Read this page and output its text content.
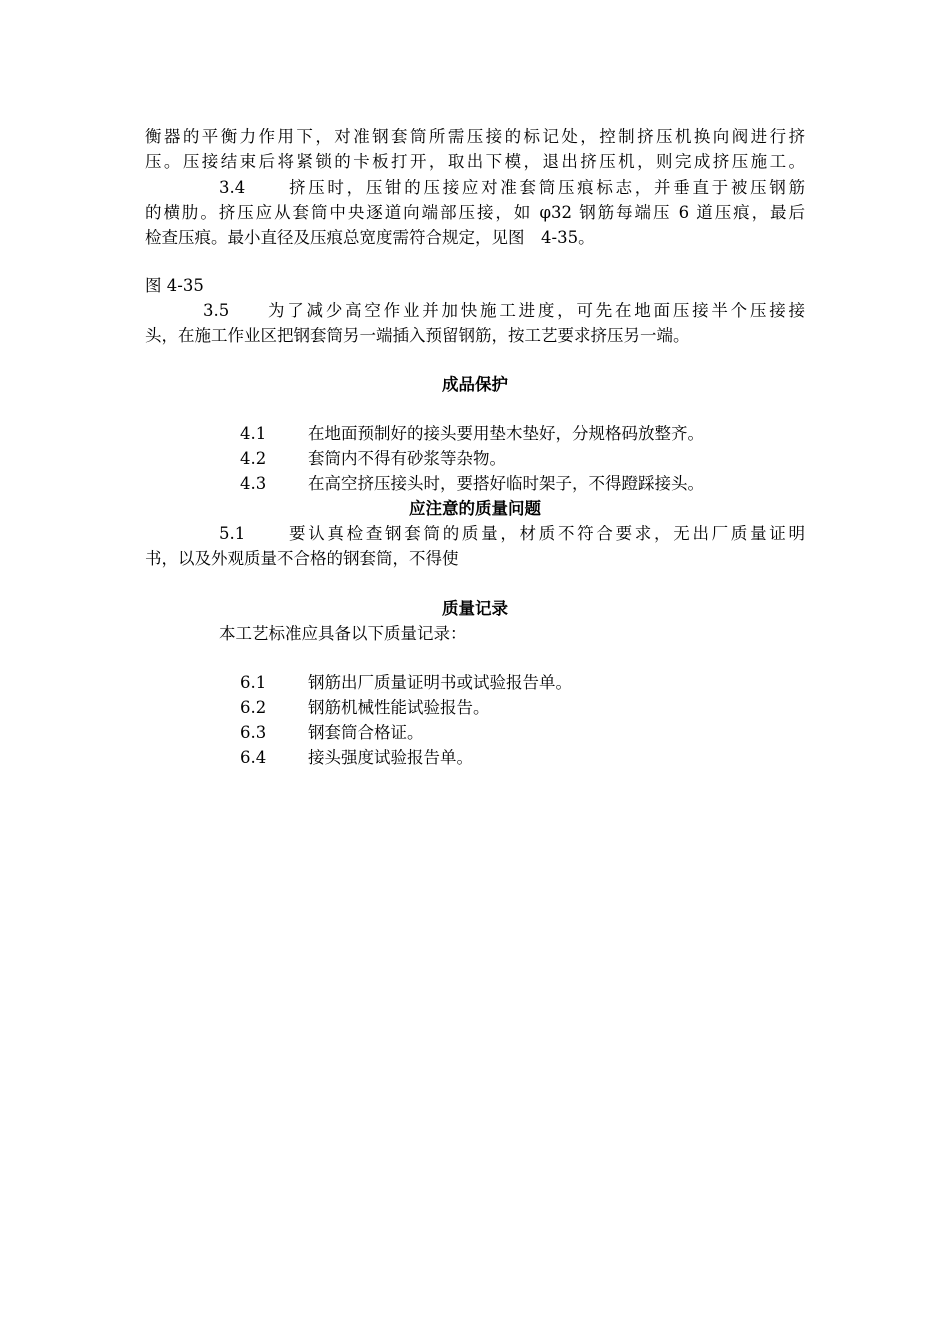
衡器的平衡力作用下，对准钢套筒所需压接的标记处，控制挤压机换向阀进行挤
压。压接结束后将紧锁的卡板打开，取出下模，退出挤压机，则完成挤压施工。
3.4	挤压时，压钳的压接应对准套筒压痕标志，并垂直于被压钢筋
的横肋。挤压应从套筒中央逐道向端部压接，如 φ32 钢筋每端压 6 道压痕，最后
检查压痕。最小直径及压痕总宽度需符合规定，见图　4-35。
图 4-35
3.5 为了减少高空作业并加快施工进度，可先在地面压接半个压接接
头，在施工作业区把钢套筒另一端插入预留钢筋，按工艺要求挤压另一端。
成品保护

4.1	在地面预制好的接头要用垫木垫好，分规格码放整齐。

4.2	套筒内不得有砂浆等杂物。

4.3	在高空挤压接头时，要搭好临时架子，不得蹬踩接头。

应注意的质量问题
5.1	要认真检查钢套筒的质量，材质不符合要求，无出厂质量证明
书，以及外观质量不合格的钢套筒，不得使
质量记录
本工艺标准应具备以下质量记录：

6.1	钢筋出厂质量证明书或试验报告单。

6.2	钢筋机械性能试验报告。

6.3	钢套筒合格证。

6.4	接头强度试验报告单。
